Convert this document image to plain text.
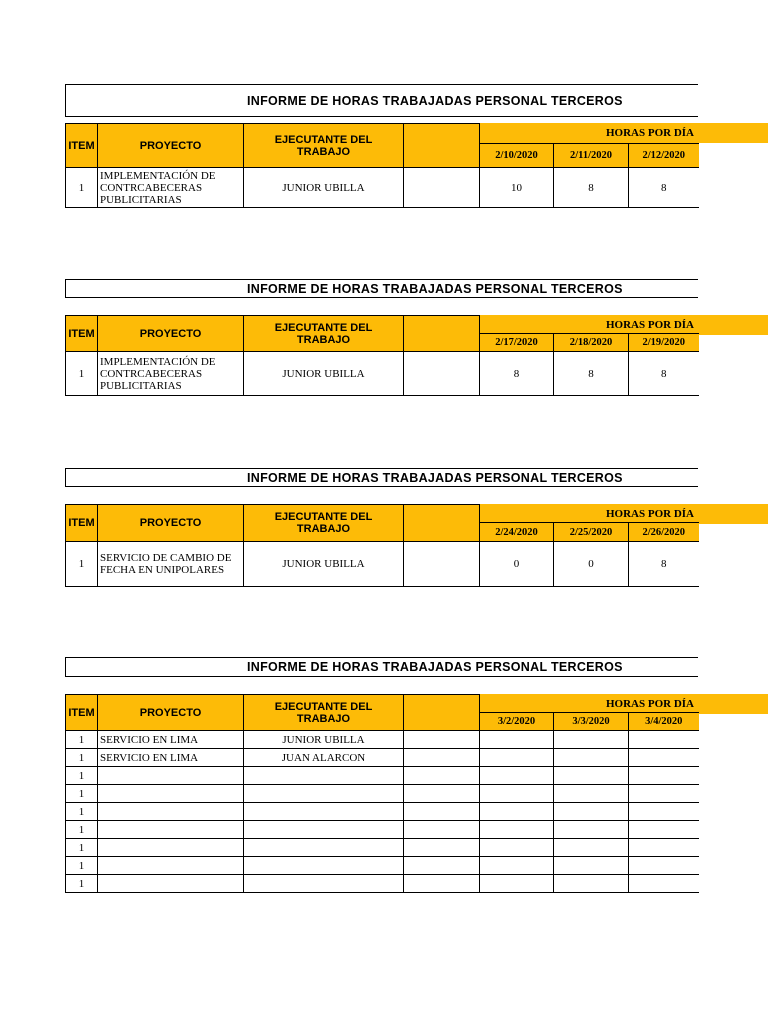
INFORME DE HORAS TRABAJADAS PERSONAL TERCEROS
HORAS POR DÍA
ITEM	PROYECTO	EJECUTANTE DEL TRABAJO				

				2/10/2020	2/11/2020	2/12/2020
1	IMPLEMENTACIÓN DE CONTRCABECERAS PUBLICITARIAS	JUNIOR UBILLA		10	8	8
INFORME DE HORAS TRABAJADAS PERSONAL TERCEROS
HORAS POR DÍA
ITEM	PROYECTO	EJECUTANTE DEL TRABAJO				

				2/17/2020	2/18/2020	2/19/2020
1	IMPLEMENTACIÓN DE CONTRCABECERAS PUBLICITARIAS	JUNIOR UBILLA		8	8	8
INFORME DE HORAS TRABAJADAS PERSONAL TERCEROS
HORAS POR DÍA
ITEM	PROYECTO	EJECUTANTE DEL TRABAJO				

				2/24/2020	2/25/2020	2/26/2020
1	SERVICIO DE CAMBIO DE FECHA EN UNIPOLARES	JUNIOR UBILLA		0	0	8
INFORME DE HORAS TRABAJADAS PERSONAL TERCEROS
HORAS POR DÍA
ITEM	PROYECTO	EJECUTANTE DEL TRABAJO				

				3/2/2020	3/3/2020	3/4/2020
1	SERVICIO EN LIMA	JUNIOR UBILLA				
1	SERVICIO EN LIMA	JUAN ALARCON				
1						
1						
1						
1						
1						
1						
1						
